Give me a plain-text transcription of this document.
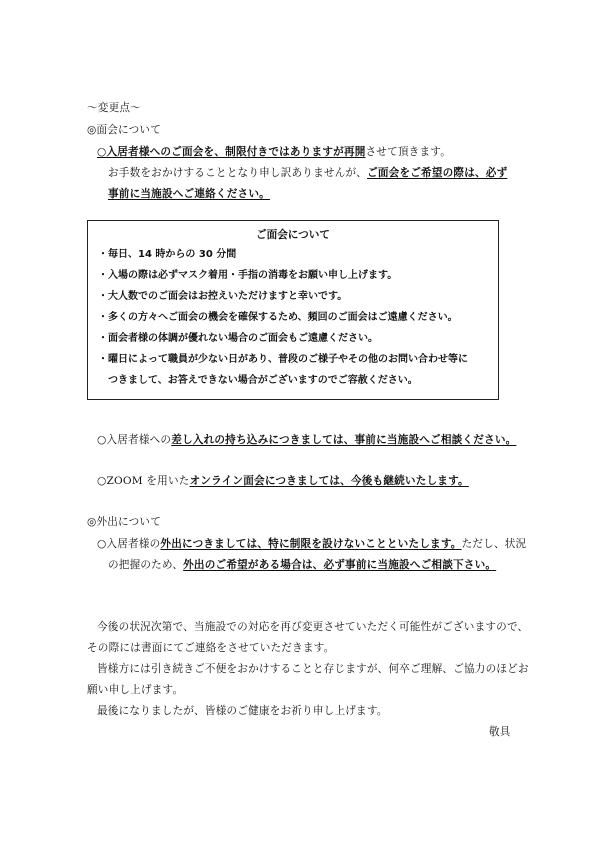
～変更点～
◎面会について
○入居者様へのご面会を、制限付きではありますが再開させて頂きます。
お手数をおかけすることとなり申し訳ありませんが、ご面会をご希望の際は、必ず
事前に当施設へご連絡ください。
ご面会について
・毎日、14 時からの 30 分間
・入場の際は必ずマスク着用・手指の消毒をお願い申し上げます。
・大人数でのご面会はお控えいただけますと幸いです。
・多くの方々へご面会の機会を確保するため、頻回のご面会はご遠慮ください。
・面会者様の体調が優れない場合のご面会もご遠慮ください。
・曜日によって職員が少ない日があり、普段のご様子やその他のお問い合わせ等に
　つきまして、お答えできない場合がございますのでご容赦ください。
○入居者様への差し入れの持ち込みにつきましては、事前に当施設へご相談ください。
○ZOOM を用いたオンライン面会につきましては、今後も継続いたします。
◎外出について
○入居者様の外出につきましては、特に制限を設けないことといたします。ただし、状況
の把握のため、外出のご希望がある場合は、必ず事前に当施設へご相談下さい。
今後の状況次第で、当施設での対応を再び変更させていただく可能性がございますので、
その際には書面にてご連絡をさせていただきます。
皆様方には引き続きご不便をおかけすることと存じますが、何卒ご理解、ご協力のほどお
願い申し上げます。
最後になりましたが、皆様のご健康をお祈り申し上げます。
敬具
